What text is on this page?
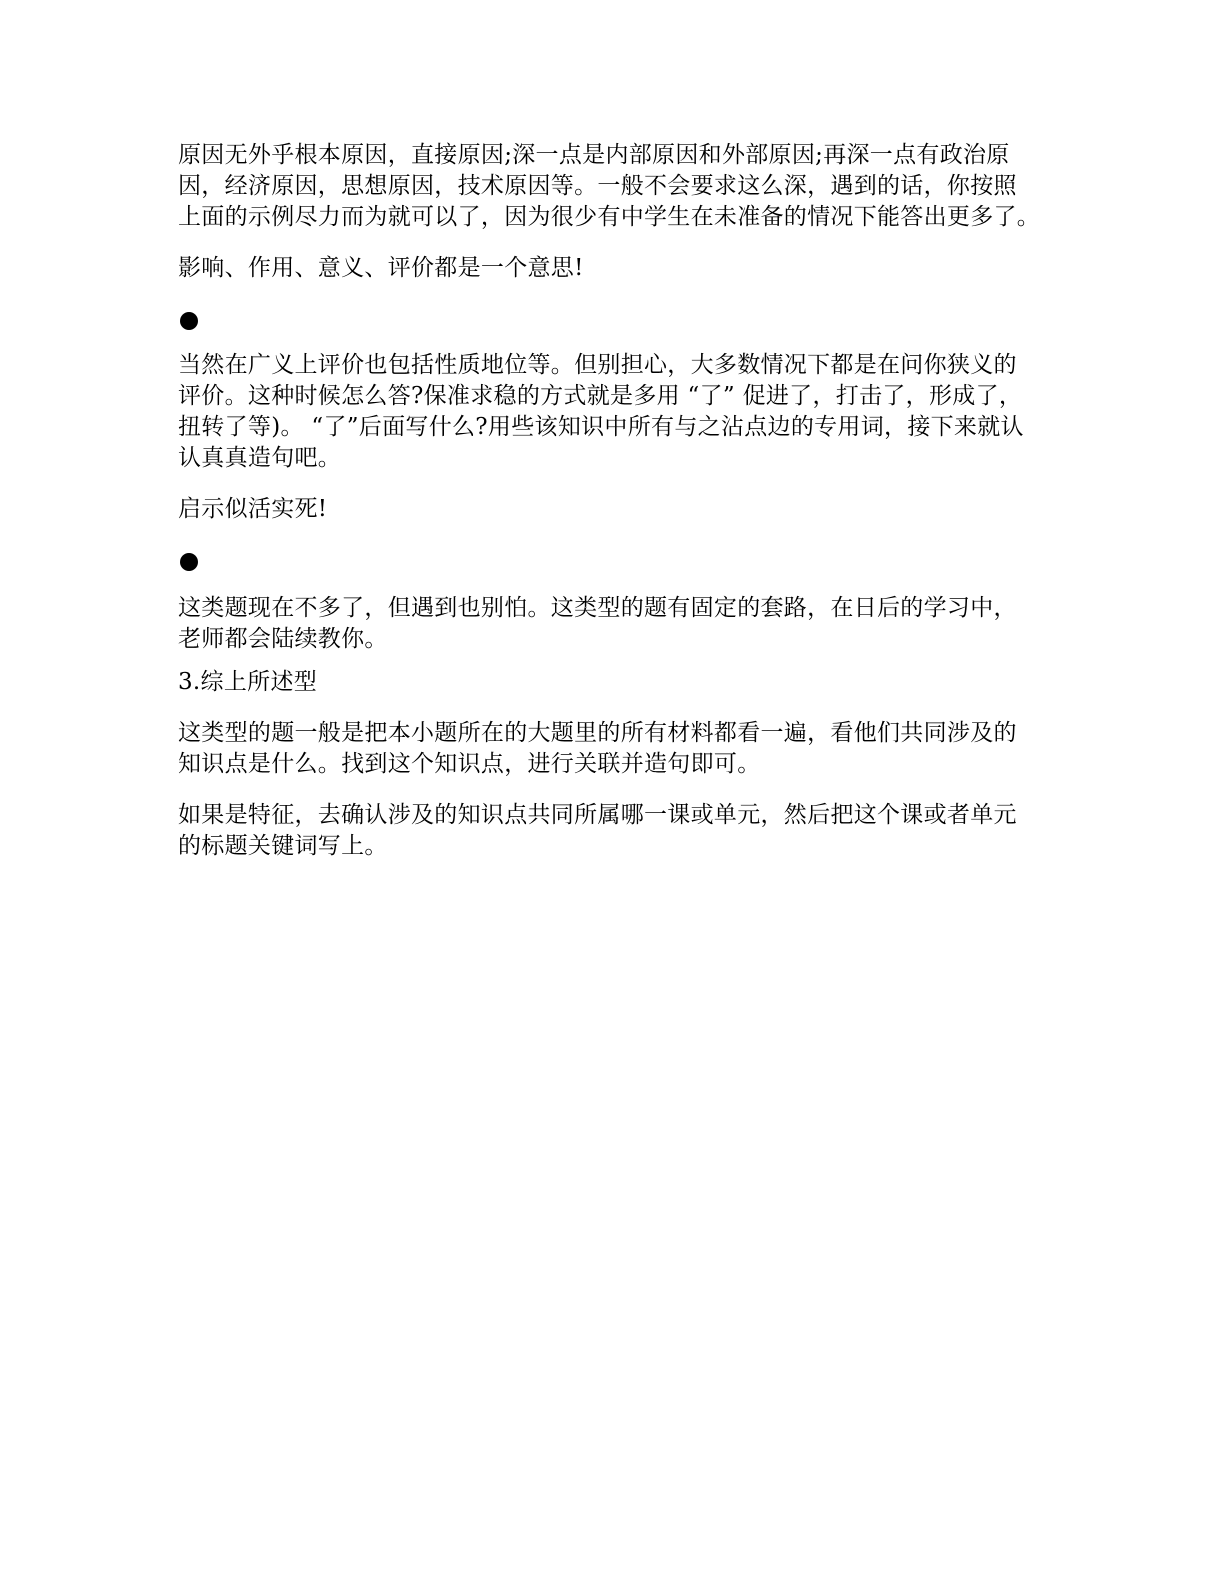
原因无外乎根本原因，直接原因;深一点是内部原因和外部原因;再深一点有政治原
因，经济原因，思想原因，技术原因等。一般不会要求这么深，遇到的话，你按照
上面的示例尽力而为就可以了，因为很少有中学生在未准备的情况下能答出更多了。

影响、作用、意义、评价都是一个意思!

当然在广义上评价也包括性质地位等。但别担心，大多数情况下都是在问你狭义的
评价。这种时候怎么答?保准求稳的方式就是多用 “了” 促进了，打击了，形成了，
扭转了等)。 “了”后面写什么?用些该知识中所有与之沾点边的专用词，接下来就认
认真真造句吧。

启示似活实死!

这类题现在不多了，但遇到也别怕。这类型的题有固定的套路，在日后的学习中，
老师都会陆续教你。

3.综上所述型

这类型的题一般是把本小题所在的大题里的所有材料都看一遍，看他们共同涉及的
知识点是什么。找到这个知识点，进行关联并造句即可。

如果是特征，去确认涉及的知识点共同所属哪一课或单元，然后把这个课或者单元
的标题关键词写上。
